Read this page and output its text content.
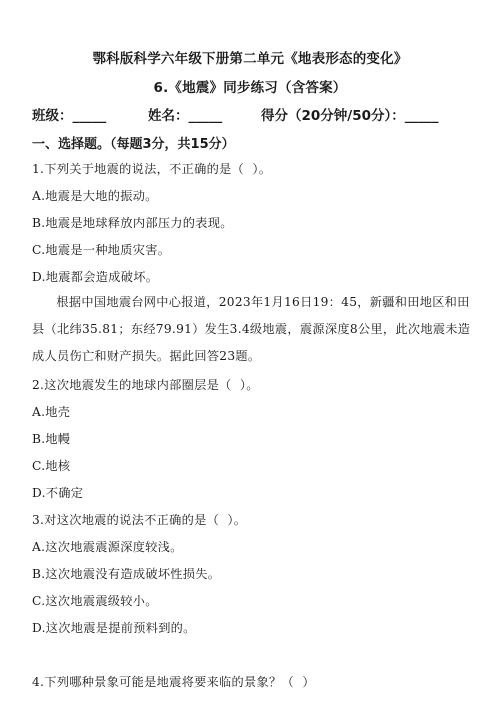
鄂科版科学六年级下册第二单元《地表形态的变化》
6.《地震》同步练习（含答案）
班级：_____	姓名：_____	得分（20分钟/50分）：_____
一、选择题。（每题3分，共15分）
1.下列关于地震的说法，不正确的是（  ）。
A.地震是大地的振动。
B.地震是地球释放内部压力的表现。
C.地震是一种地质灾害。
D.地震都会造成破坏。
根据中国地震台网中心报道，2023年1月16日19：45，新疆和田地区和田县（北纬35.81；东经79.91）发生3.4级地震，震源深度8公里，此次地震未造成人员伤亡和财产损失。据此回答23题。
2.这次地震发生的地球内部圈层是（  ）。
A.地壳
B.地幔
C.地核
D.不确定
3.对这次地震的说法不正确的是（  ）。
A.这次地震震源深度较浅。
B.这次地震没有造成破坏性损失。
C.这次地震震级较小。
D.这次地震是提前预料到的。
4.下列哪种景象可能是地震将要来临的景象？（  ）
